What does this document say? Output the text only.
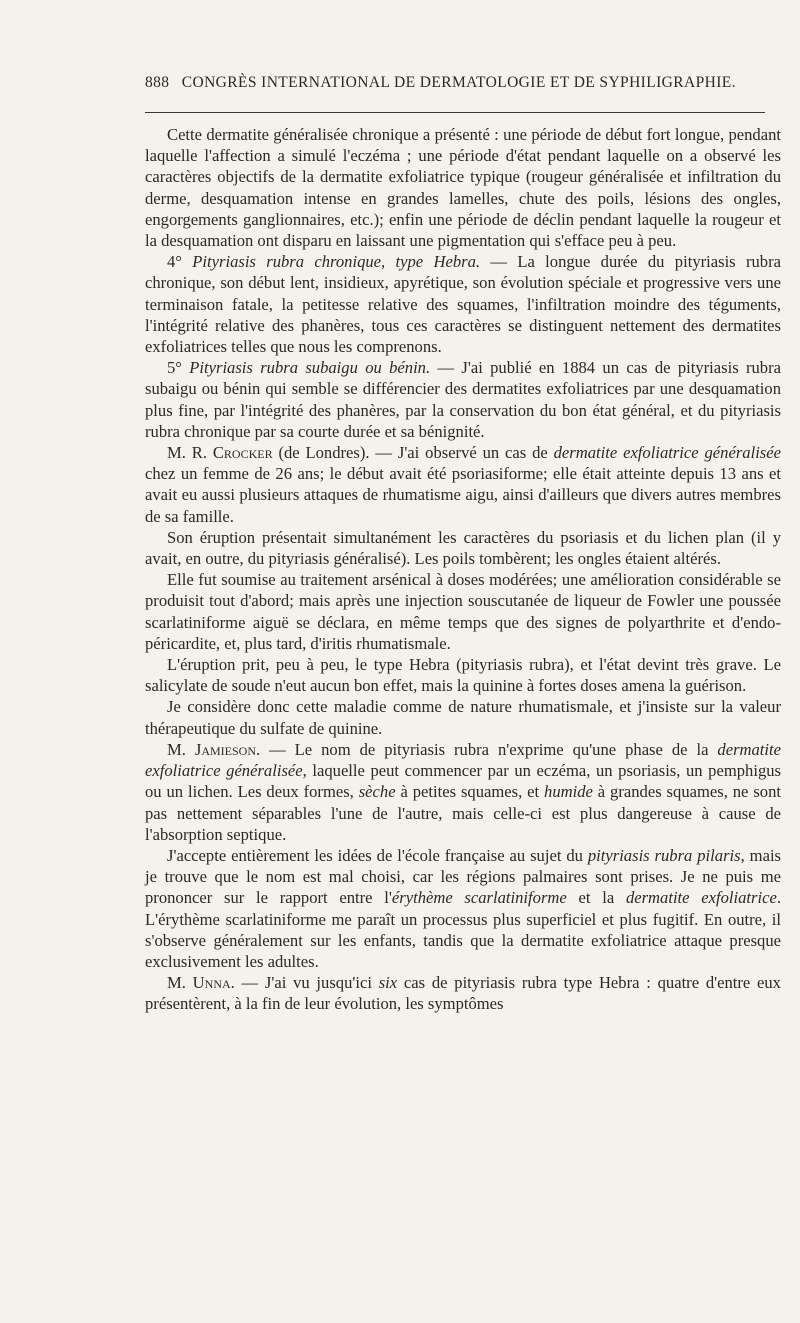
888 CONGRÈS INTERNATIONAL DE DERMATOLOGIE ET DE SYPHILIGRAPHIE.

Cette dermatite généralisée chronique a présenté : une période de début fort longue, pendant laquelle l'affection a simulé l'eczéma ; une période d'état pendant laquelle on a observé les caractères objectifs de la dermatite exfoliatrice typique (rougeur généralisée et infiltration du derme, desquamation intense en grandes lamelles, chute des poils, lésions des ongles, engorgements ganglionnaires, etc.); enfin une période de déclin pendant laquelle la rougeur et la desquamation ont disparu en laissant une pigmentation qui s'efface peu à peu.

4° Pityriasis rubra chronique, type Hebra. — La longue durée du pityriasis rubra chronique, son début lent, insidieux, apyrétique, son évolution spéciale et progressive vers une terminaison fatale, la petitesse relative des squames, l'infiltration moindre des téguments, l'intégrité relative des phanères, tous ces caractères se distinguent nettement des dermatites exfoliatrices telles que nous les comprenons.

5° Pityriasis rubra subaigu ou bénin. — J'ai publié en 1884 un cas de pityriasis rubra subaigu ou bénin qui semble se différencier des dermatites exfoliatrices par une desquamation plus fine, par l'intégrité des phanères, par la conservation du bon état général, et du pityriasis rubra chronique par sa courte durée et sa bénignité.

M. R. Crocker (de Londres). — J'ai observé un cas de dermatite exfoliatrice généralisée chez un femme de 26 ans; le début avait été psoriasiforme; elle était atteinte depuis 13 ans et avait eu aussi plusieurs attaques de rhumatisme aigu, ainsi d'ailleurs que divers autres membres de sa famille.

Son éruption présentait simultanément les caractères du psoriasis et du lichen plan (il y avait, en outre, du pityriasis généralisé). Les poils tombèrent; les ongles étaient altérés.

Elle fut soumise au traitement arsénical à doses modérées; une amélioration considérable se produisit tout d'abord; mais après une injection souscutanée de liqueur de Fowler une poussée scarlatiniforme aiguë se déclara, en même temps que des signes de polyarthrite et d'endo-péricardite, et, plus tard, d'iritis rhumatismale.

L'éruption prit, peu à peu, le type Hebra (pityriasis rubra), et l'état devint très grave. Le salicylate de soude n'eut aucun bon effet, mais la quinine à fortes doses amena la guérison.

Je considère donc cette maladie comme de nature rhumatismale, et j'insiste sur la valeur thérapeutique du sulfate de quinine.

M. Jamieson. — Le nom de pityriasis rubra n'exprime qu'une phase de la dermatite exfoliatrice généralisée, laquelle peut commencer par un eczéma, un psoriasis, un pemphigus ou un lichen. Les deux formes, sèche à petites squames, et humide à grandes squames, ne sont pas nettement séparables l'une de l'autre, mais celle-ci est plus dangereuse à cause de l'absorption septique.

J'accepte entièrement les idées de l'école française au sujet du pityriasis rubra pilaris, mais je trouve que le nom est mal choisi, car les régions palmaires sont prises. Je ne puis me prononcer sur le rapport entre l'érythème scarlatiniforme et la dermatite exfoliatrice. L'érythème scarlatiniforme me paraît un processus plus superficiel et plus fugitif. En outre, il s'observe généralement sur les enfants, tandis que la dermatite exfoliatrice attaque presque exclusivement les adultes.

M. Unna. — J'ai vu jusqu'ici six cas de pityriasis rubra type Hebra : quatre d'entre eux présentèrent, à la fin de leur évolution, les symptômes
